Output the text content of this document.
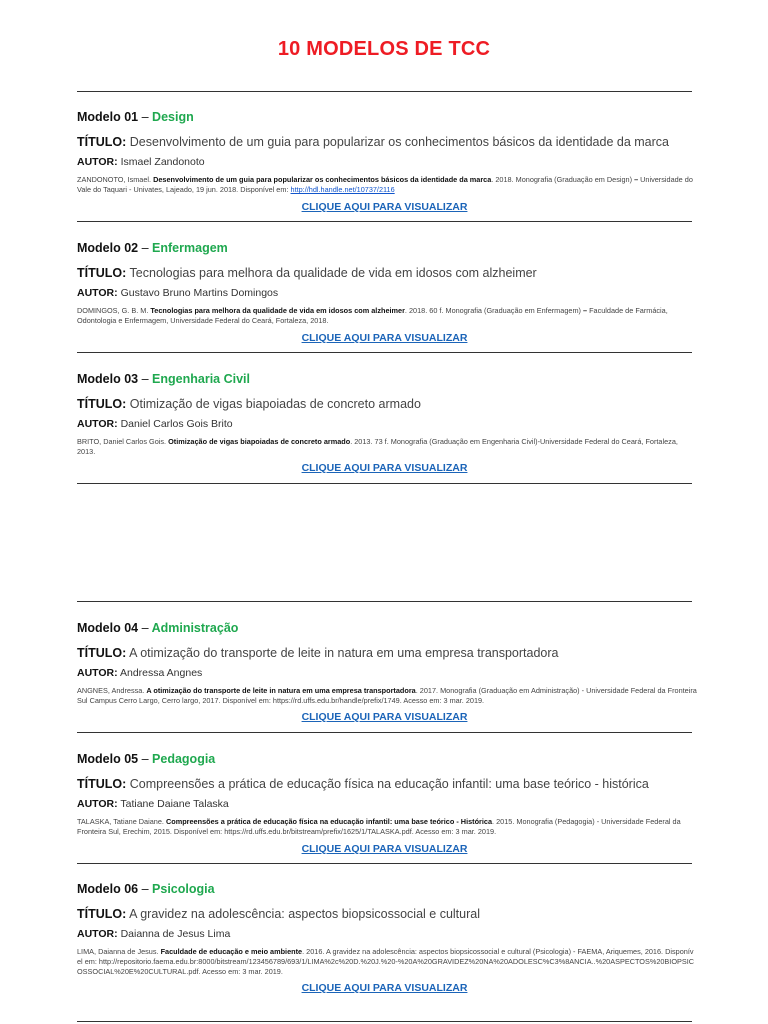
10 MODELOS DE TCC
Modelo 01 – Design
TÍTULO: Desenvolvimento de um guia para popularizar os conhecimentos básicos da identidade da marca
AUTOR: Ismael Zandonoto
ZANDONOTO, Ismael. Desenvolvimento de um guia para popularizar os conhecimentos básicos da identidade da marca. 2018. Monografia (Graduação em Design) – Universidade do Vale do Taquari - Univates, Lajeado, 19 jun. 2018. Disponível em: http://hdl.handle.net/10737/2116
CLIQUE AQUI PARA VISUALIZAR
Modelo 02 – Enfermagem
TÍTULO: Tecnologias para melhora da qualidade de vida em idosos com alzheimer
AUTOR: Gustavo Bruno Martins Domingos
DOMINGOS, G. B. M. Tecnologias para melhora da qualidade de vida em idosos com alzheimer. 2018. 60 f. Monografia (Graduação em Enfermagem) – Faculdade de Farmácia, Odontologia e Enfermagem, Universidade Federal do Ceará, Fortaleza, 2018.
CLIQUE AQUI PARA VISUALIZAR
Modelo 03 – Engenharia Civil
TÍTULO: Otimização de vigas biapoiadas de concreto armado
AUTOR: Daniel Carlos Gois Brito
BRITO, Daniel Carlos Gois. Otimização de vigas biapoiadas de concreto armado. 2013. 73 f. Monografia (Graduação em Engenharia Civil)-Universidade Federal do Ceará, Fortaleza, 2013.
CLIQUE AQUI PARA VISUALIZAR
Modelo 04 – Administração
TÍTULO: A otimização do transporte de leite in natura em uma empresa transportadora
AUTOR: Andressa Angnes
ANGNES, Andressa. A otimização do transporte de leite in natura em uma empresa transportadora. 2017. Monografia (Graduação em Administração) - Universidade Federal da Fronteira Sul Campus Cerro Largo, Cerro largo, 2017. Disponível em: https://rd.uffs.edu.br/handle/prefix/1749. Acesso em: 3 mar. 2019.
CLIQUE AQUI PARA VISUALIZAR
Modelo 05 – Pedagogia
TÍTULO: Compreensões a prática de educação física na educação infantil: uma base teórico - histórica
AUTOR: Tatiane Daiane Talaska
TALASKA, Tatiane Daiane. Compreensões a prática de educação física na educação infantil: uma base teórico - Histórica. 2015. Monografia (Pedagogia) - Universidade Federal da Fronteira Sul, Erechim, 2015. Disponível em: https://rd.uffs.edu.br/bitstream/prefix/1625/1/TALASKA.pdf. Acesso em: 3 mar. 2019.
CLIQUE AQUI PARA VISUALIZAR
Modelo 06 – Psicologia
TÍTULO: A gravidez na adolescência: aspectos biopsicossocial e cultural
AUTOR: Daianna de Jesus Lima
LIMA, Daianna de Jesus. Faculdade de educação e meio ambiente. 2016. A gravidez na adolescência: aspectos biopsicossocial e cultural (Psicologia) - FAEMA, Ariquemes, 2016. Disponível em: http://repositorio.faema.edu.br:8000/bitstream/123456789/693/1/LIMA%2c%20D.%20J.%20-%20A%20GRAVIDEZ%20NA%20ADOLESC%C3%8ANCIA..%20ASPECTOS%20BIOPSICOSSOCIAL%20E%20CULTURAL.pdf. Acesso em: 3 mar. 2019.
CLIQUE AQUI PARA VISUALIZAR
